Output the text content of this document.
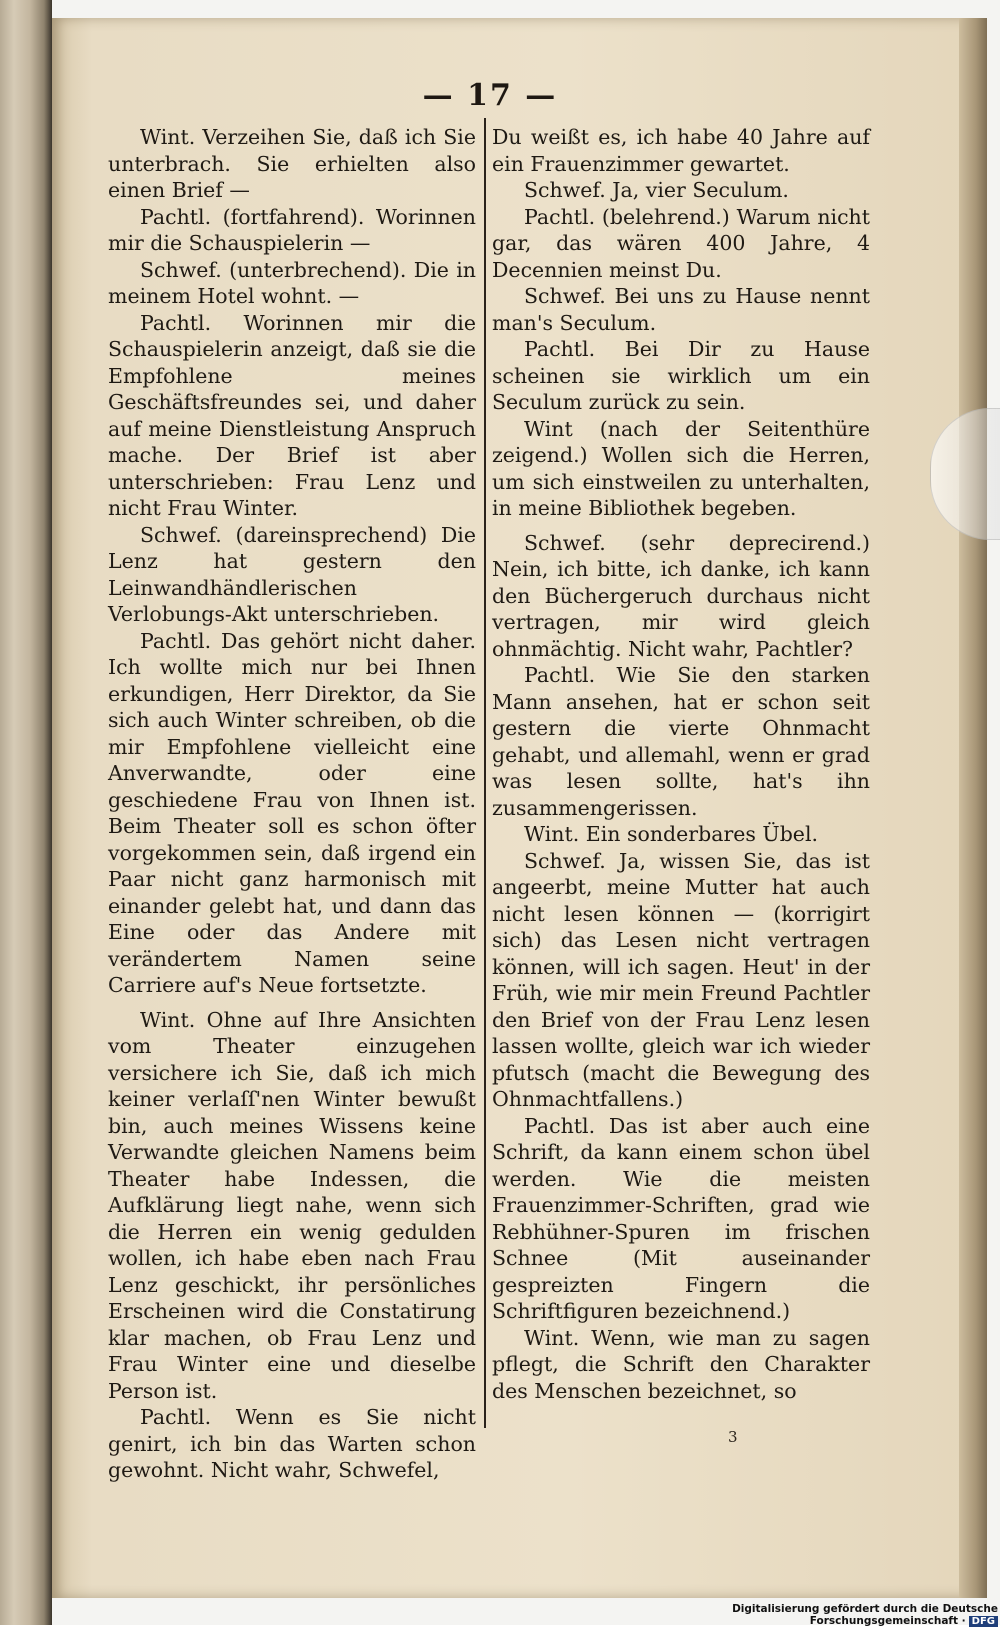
— 17 —

Wint. Verzeihen Sie, daß ich Sie unterbrach. Sie erhielten also einen Brief —

Pachtl. (fortfahrend). Worinnen mir die Schauspielerin —

Schwef. (unterbrechend). Die in meinem Hotel wohnt. —

Pachtl. Worinnen mir die Schauspielerin anzeigt, daß sie die Empfohlene meines Geschäftsfreundes sei, und daher auf meine Dienstleistung Anspruch mache. Der Brief ist aber unterschrieben: Frau Lenz und nicht Frau Winter.

Schwef. (dareinsprechend) Die Lenz hat gestern den Leinwandhändlerischen Verlobungs-Akt unterschrieben.

Pachtl. Das gehört nicht daher. Ich wollte mich nur bei Ihnen erkundigen, Herr Direktor, da Sie sich auch Winter schreiben, ob die mir Empfohlene vielleicht eine Anverwandte, oder eine geschiedene Frau von Ihnen ist. Beim Theater soll es schon öfter vorgekommen sein, daß irgend ein Paar nicht ganz harmonisch mit einander gelebt hat, und dann das Eine oder das Andere mit verändertem Namen seine Carriere auf's Neue fortsetzte.

Wint. Ohne auf Ihre Ansichten vom Theater einzugehen versichere ich Sie, daß ich mich keiner verlaſſ'nen Winter bewußt bin, auch meines Wissens keine Verwandte gleichen Namens beim Theater habe Indessen, die Aufklärung liegt nahe, wenn sich die Herren ein wenig gedulden wollen, ich habe eben nach Frau Lenz geschickt, ihr persönliches Erscheinen wird die Constatirung klar machen, ob Frau Lenz und Frau Winter eine und dieselbe Person ist.

Pachtl. Wenn es Sie nicht genirt, ich bin das Warten schon gewohnt. Nicht wahr, Schwefel,

Du weißt es, ich habe 40 Jahre auf ein Frauenzimmer gewartet.

Schwef. Ja, vier Seculum.

Pachtl. (belehrend.) Warum nicht gar, das wären 400 Jahre, 4 Decennien meinst Du.

Schwef. Bei uns zu Hause nennt man's Seculum.

Pachtl. Bei Dir zu Hause scheinen sie wirklich um ein Seculum zurück zu sein.

Wint (nach der Seitenthüre zeigend.) Wollen sich die Herren, um sich einstweilen zu unterhalten, in meine Bibliothek begeben.

Schwef. (sehr deprecirend.) Nein, ich bitte, ich danke, ich kann den Büchergeruch durchaus nicht vertragen, mir wird gleich ohnmächtig. Nicht wahr, Pachtler?

Pachtl. Wie Sie den starken Mann ansehen, hat er schon seit gestern die vierte Ohnmacht gehabt, und allemahl, wenn er grad was lesen sollte, hat's ihn zusammengerissen.

Wint. Ein sonderbares Übel.

Schwef. Ja, wissen Sie, das ist angeerbt, meine Mutter hat auch nicht lesen können — (korrigirt sich) das Lesen nicht vertragen können, will ich sagen. Heut' in der Früh, wie mir mein Freund Pachtler den Brief von der Frau Lenz lesen lassen wollte, gleich war ich wieder pfutsch (macht die Bewegung des Ohnmachtfallens.)

Pachtl. Das ist aber auch eine Schrift, da kann einem schon übel werden. Wie die meisten Frauenzimmer-Schriften, grad wie Rebhühner-Spuren im frischen Schnee (Mit auseinander gespreizten Fingern die Schriftfiguren bezeichnend.)

Wint. Wenn, wie man zu sagen pflegt, die Schrift den Charakter des Menschen bezeichnet, so

3
Digitalisierung gefördert durch die Deutsche Forschungsgemeinschaft · DFG
